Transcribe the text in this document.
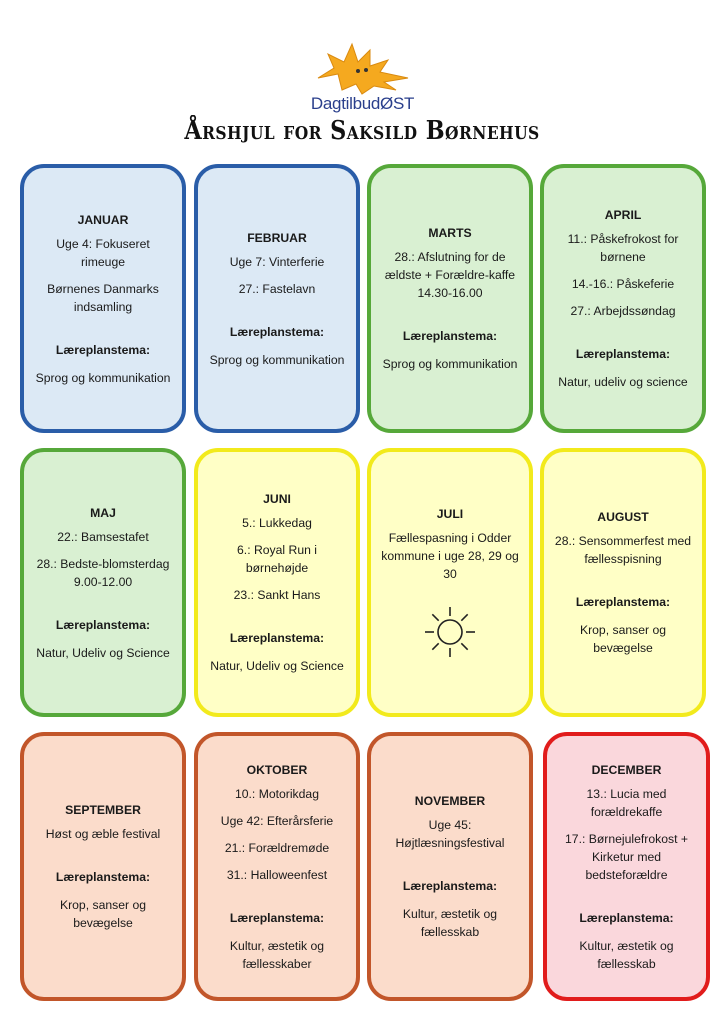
DagtilbudØST
Årshjul for Saksild Børnehus
JANUAR
Uge 4: Fokuseret rimeuge
Børnenes Danmarks indsamling
Læreplanstema:
Sprog og kommunikation
FEBRUAR
Uge 7: Vinterferie
27.: Fastelavn
Læreplanstema:
Sprog og kommunikation
MARTS
28.: Afslutning for de ældste + Forældre-kaffe 14.30-16.00
Læreplanstema:
Sprog og kommunikation
APRIL
11.: Påskefrokost for børnene
14.-16.: Påskeferie
27.: Arbejdssøndag
Læreplanstema:
Natur, udeliv og science
MAJ
22.: Bamsestafet
28.: Bedste-blomsterdag 9.00-12.00
Læreplanstema:
Natur, Udeliv og Science
JUNI
5.: Lukkedag
6.: Royal Run i børnehøjde
23.: Sankt Hans
Læreplanstema:
Natur, Udeliv og Science
JULI
Fællespasning i Odder kommune i uge 28, 29 og 30
AUGUST
28.: Sensommerfest med fællesspisning
Læreplanstema:
Krop, sanser og bevægelse
SEPTEMBER
Høst og æble festival
Læreplanstema:
Krop, sanser og bevægelse
OKTOBER
10.: Motorikdag
Uge 42: Efterårsferie
21.: Forældremøde
31.: Halloweenfest
Læreplanstema:
Kultur, æstetik og fællesskaber
NOVEMBER
Uge 45: Højtlæsningsfestival
Læreplanstema:
Kultur, æstetik og fællesskab
DECEMBER
13.: Lucia med forældrekaffe
17.: Børnejulefrokost + Kirketur med bedsteforældre
Læreplanstema:
Kultur, æstetik og fællesskab
